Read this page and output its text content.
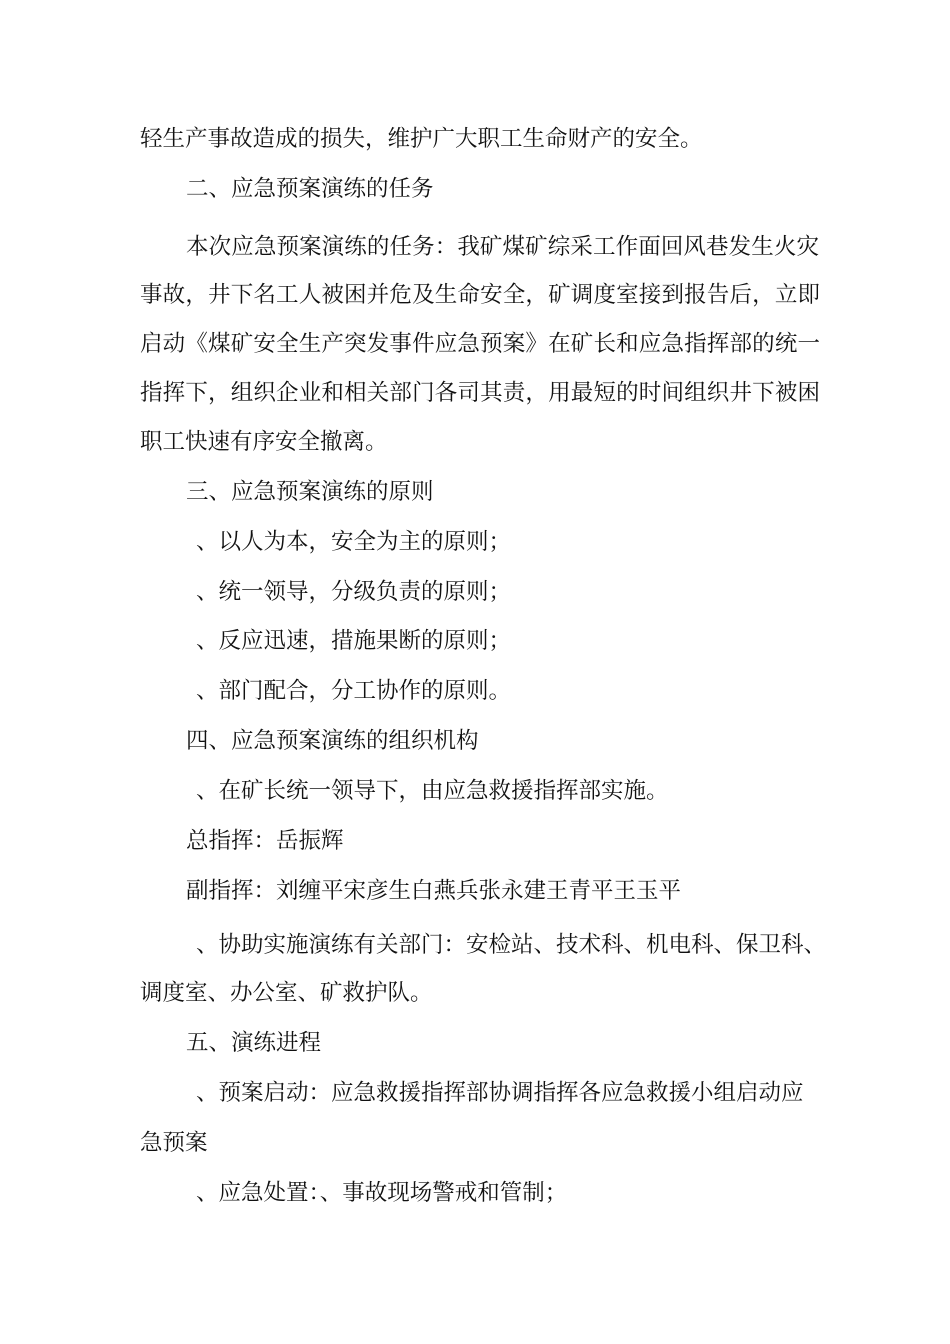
轻生产事故造成的损失，维护广大职工生命财产的安全。
二、应急预案演练的任务
本次应急预案演练的任务：我矿煤矿综采工作面回风巷发生火灾
事故，井下名工人被困并危及生命安全，矿调度室接到报告后，立即
启动《煤矿安全生产突发事件应急预案》在矿长和应急指挥部的统一
指挥下，组织企业和相关部门各司其责，用最短的时间组织井下被困
职工快速有序安全撤离。
三、应急预案演练的原则
、以人为本，安全为主的原则；
、统一领导，分级负责的原则；
、反应迅速，措施果断的原则；
、部门配合，分工协作的原则。
四、应急预案演练的组织机构
、在矿长统一领导下，由应急救援指挥部实施。
总指挥：岳振辉
副指挥：刘缠平宋彦生白燕兵张永建王青平王玉平
、协助实施演练有关部门：安检站、技术科、机电科、保卫科、
调度室、办公室、矿救护队。
五、演练进程
、预案启动：应急救援指挥部协调指挥各应急救援小组启动应
急预案
、应急处置：、事故现场警戒和管制；
